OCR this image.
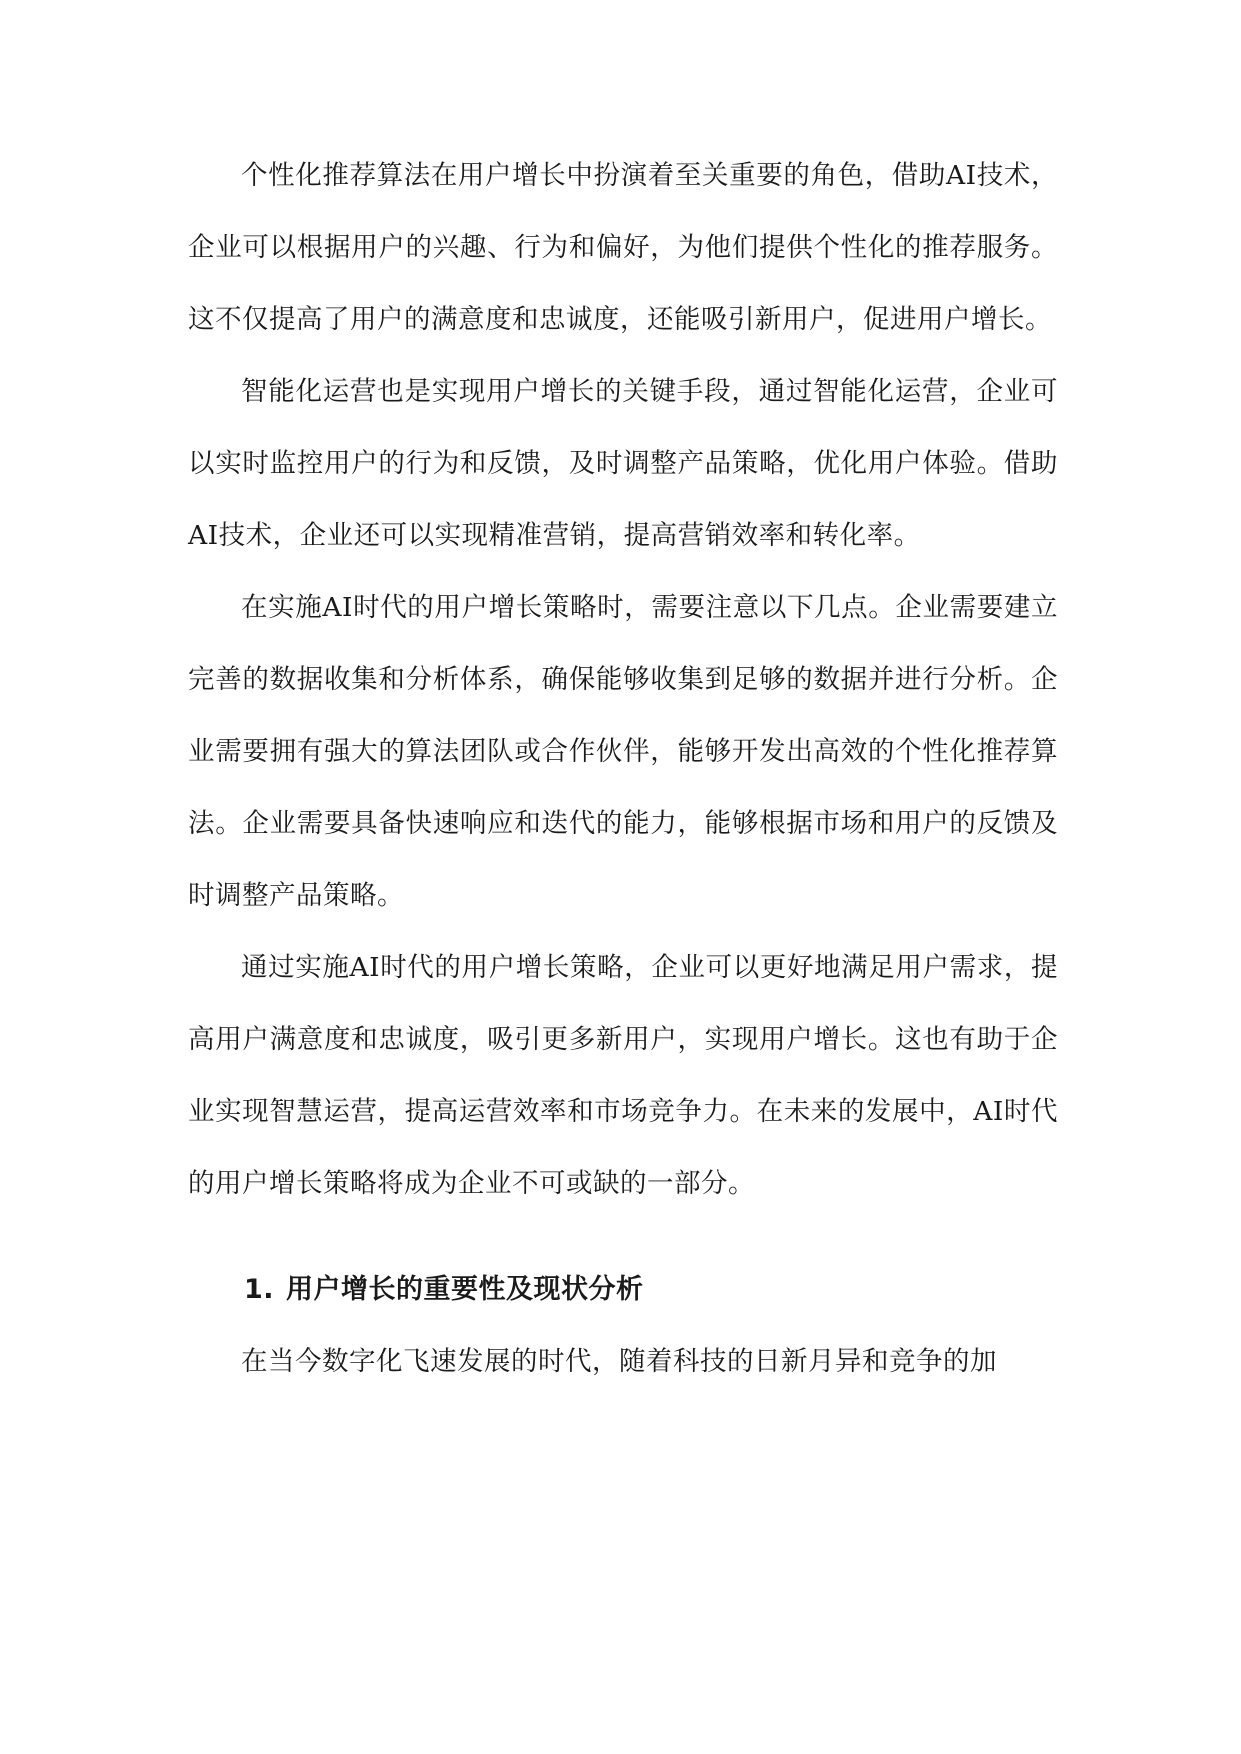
个性化推荐算法在用户增长中扮演着至关重要的角色，借助AI技术，企业可以根据用户的兴趣、行为和偏好，为他们提供个性化的推荐服务。这不仅提高了用户的满意度和忠诚度，还能吸引新用户，促进用户增长。

智能化运营也是实现用户增长的关键手段，通过智能化运营，企业可以实时监控用户的行为和反馈，及时调整产品策略，优化用户体验。借助AI技术，企业还可以实现精准营销，提高营销效率和转化率。

在实施AI时代的用户增长策略时，需要注意以下几点。企业需要建立完善的数据收集和分析体系，确保能够收集到足够的数据并进行分析。企业需要拥有强大的算法团队或合作伙伴，能够开发出高效的个性化推荐算法。企业需要具备快速响应和迭代的能力，能够根据市场和用户的反馈及时调整产品策略。

通过实施AI时代的用户增长策略，企业可以更好地满足用户需求，提高用户满意度和忠诚度，吸引更多新用户，实现用户增长。这也有助于企业实现智慧运营，提高运营效率和市场竞争力。在未来的发展中，AI时代的用户增长策略将成为企业不可或缺的一部分。

1. 用户增长的重要性及现状分析

在当今数字化飞速发展的时代，随着科技的日新月异和竞争的加
